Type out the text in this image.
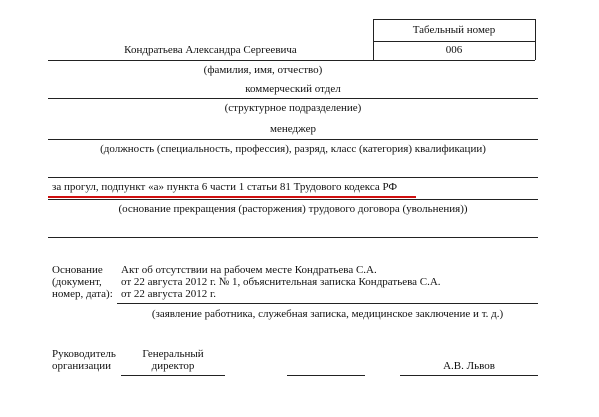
Табельный номер
006
Кондратьева Александра Сергеевича
(фамилия, имя, отчество)
коммерческий отдел
(структурное подразделение)
менеджер
(должность (специальность, профессия), разряд, класс (категория) квалификации)
за прогул, подпункт «а» пункта 6 части 1 статьи 81 Трудового кодекса РФ
(основание прекращения (расторжения) трудового договора (увольнения))
Основание
(документ,
номер, дата):
Акт об отсутствии на рабочем месте Кондратьева С.А.
от 22 августа 2012 г. № 1, объяснительная записка Кондратьева С.А.
от 22 августа 2012 г.
(заявление работника, служебная записка, медицинское заключение и т. д.)
Руководитель
организации
Генеральный
директор	А.В. Львов
